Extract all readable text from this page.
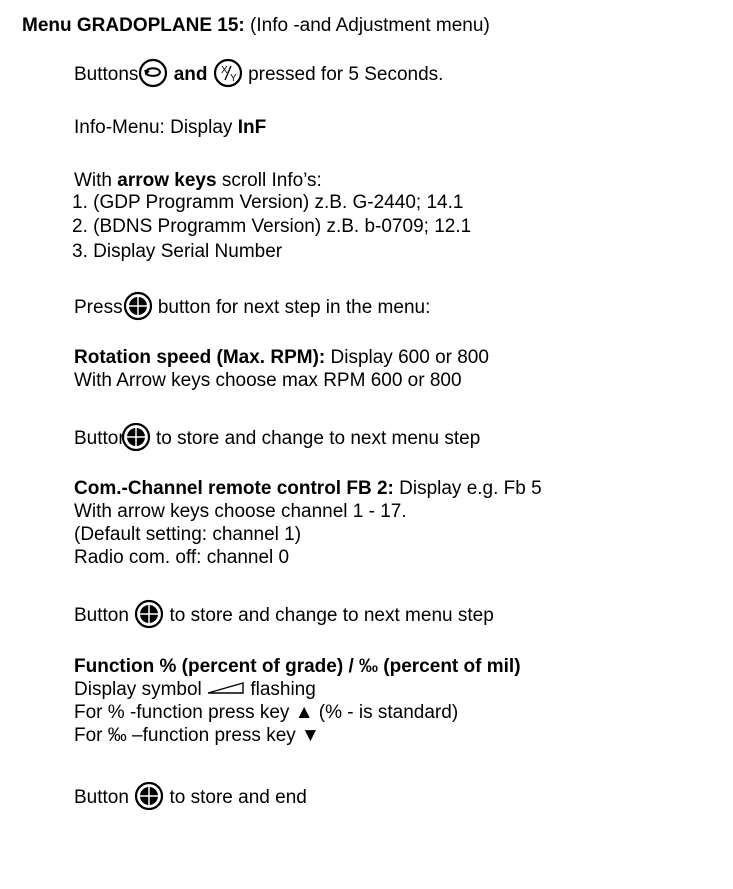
Menu GRADOPLANE 15: (Info -and Adjustment menu)
Buttons and X
Y pressed for 5 Seconds.
Info-Menu: Display InF
With arrow keys scroll Info’s:
1. (GDP Programm Version) z.B. G-2440; 14.1
2. (BDNS Programm Version) z.B. b-0709; 12.1
3. Display Serial Number
Press button for next step in the menu:
Rotation speed (Max. RPM): Display 600 or 800
With Arrow keys choose max RPM 600 or 800
Buttor to store and change to next menu step
Com.-Channel remote control FB 2: Display e.g. Fb 5
With arrow keys choose channel 1 - 17.
(Default setting: channel 1)
Radio com. off: channel 0
Button to store and change to next menu step
Function % (percent of grade) / ‰ (percent of mil)
Display symbol	flashing
For % -function press key ▲ (% - is standard)
For ‰ –function press key ▼
Button to store and end
